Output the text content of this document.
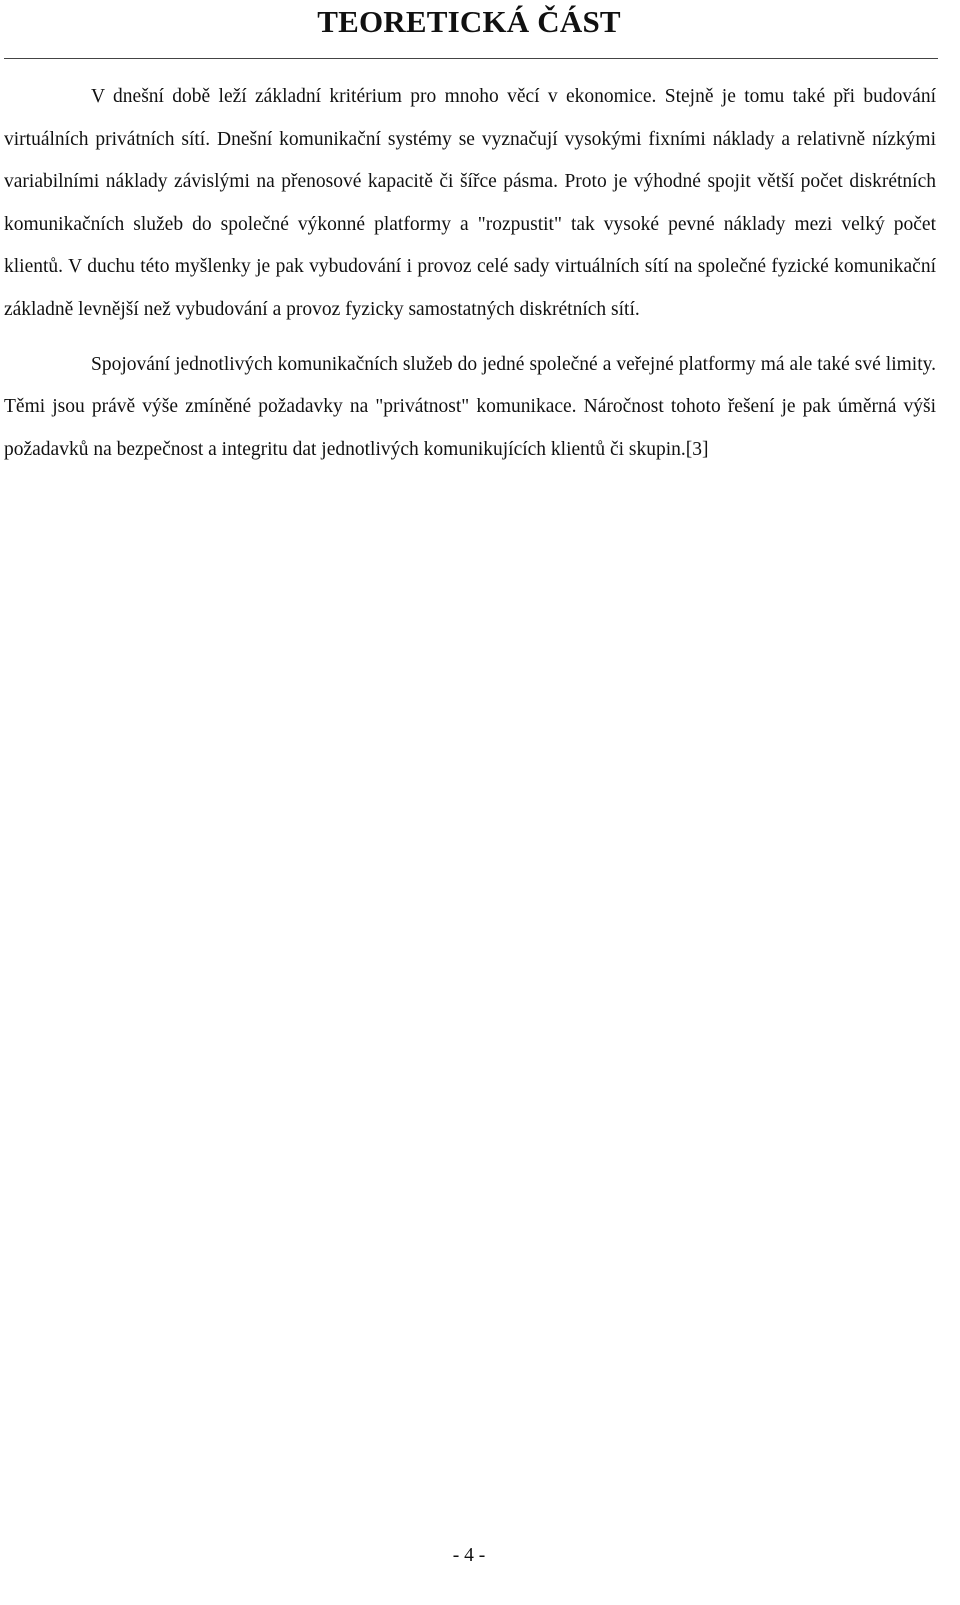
TEORETICKÁ ČÁST

V dnešní době leží základní kritérium pro mnoho věcí v ekonomice. Stejně je tomu také při budování virtuálních privátních sítí. Dnešní komunikační systémy se vyznačují vysokými fixními náklady a relativně nízkými variabilními náklady závislými na přenosové kapacitě či šířce pásma. Proto je výhodné spojit větší počet diskrétních komunikačních služeb do společné výkonné platformy a "rozpustit" tak vysoké pevné náklady mezi velký počet klientů. V duchu této myšlenky je pak vybudování i provoz celé sady virtuálních sítí na společné fyzické komunikační základně levnější než vybudování a provoz fyzicky samostatných diskrétních sítí.

Spojování jednotlivých komunikačních služeb do jedné společné a veřejné platformy má ale také své limity. Těmi jsou právě výše zmíněné požadavky na "privátnost" komunikace. Náročnost tohoto řešení je pak úměrná výši požadavků na bezpečnost a integritu dat jednotlivých komunikujících klientů či skupin.[3]

- 4 -
